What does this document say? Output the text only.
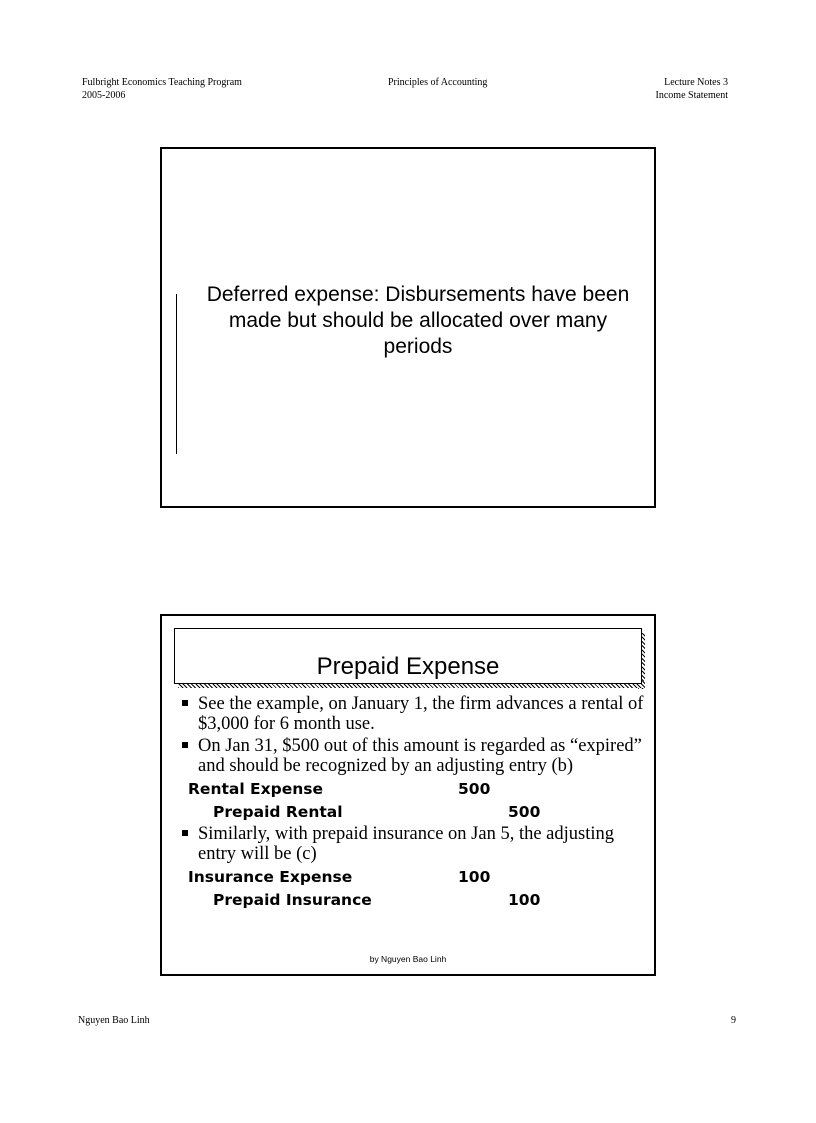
Fulbright Economics Teaching Program
2005-2006
Principles of Accounting	Lecture Notes 3
Income Statement
Deferred expense: Disbursements have been made but should be allocated over many periods
Prepaid Expense
See the example, on January 1, the firm advances a rental of $3,000 for 6 month use.
On Jan 31, $500 out of this amount is regarded as “expired” and should be recognized by an adjusting entry (b)
Rental Expense	500
Prepaid Rental	500
Similarly, with prepaid insurance on Jan 5, the adjusting entry will be (c)
Insurance Expense	100
Prepaid Insurance	100
by Nguyen Bao Linh
Nguyen Bao Linh	9
